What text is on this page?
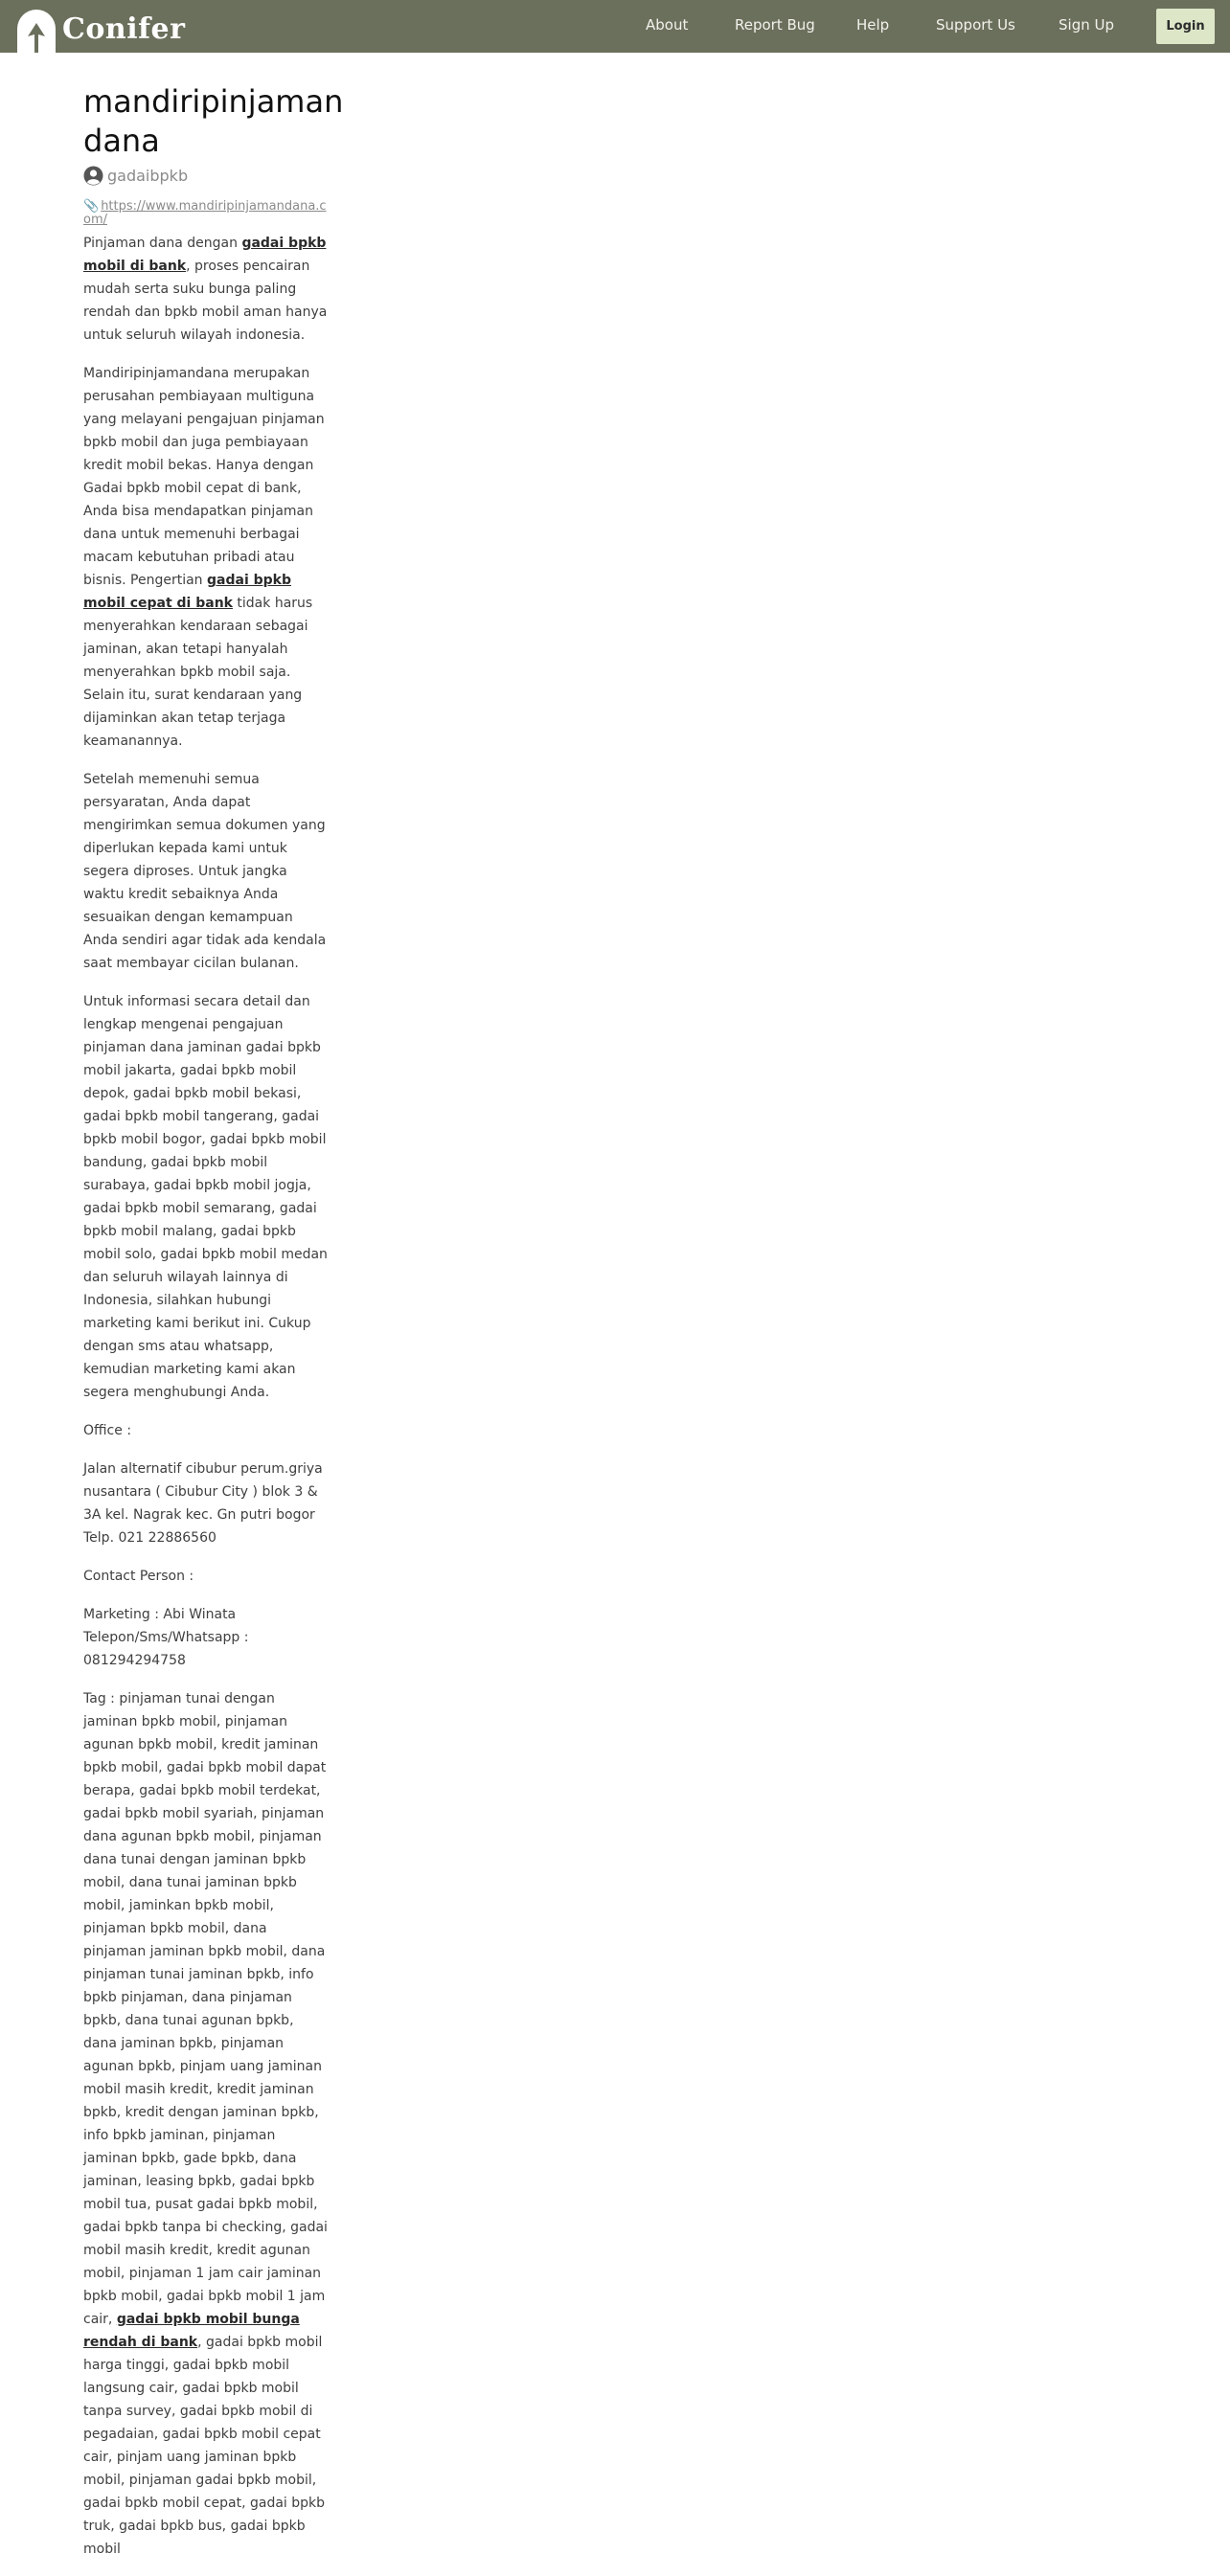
Conifer	About	Report Bug	Help	Support Us	Sign Up	Login
mandiripinjaman dana
gadaibpkb
📎 https://www.mandiripinjamandana.com/

Pinjaman dana dengan gadai bpkb mobil di bank, proses pencairan mudah serta suku bunga paling rendah dan bpkb mobil aman hanya untuk seluruh wilayah indonesia.

Mandiripinjamandana merupakan perusahan pembiayaan multiguna yang melayani pengajuan pinjaman bpkb mobil dan juga pembiayaan kredit mobil bekas. Hanya dengan Gadai bpkb mobil cepat di bank, Anda bisa mendapatkan pinjaman dana untuk memenuhi berbagai macam kebutuhan pribadi atau bisnis. Pengertian gadai bpkb mobil cepat di bank tidak harus menyerahkan kendaraan sebagai jaminan, akan tetapi hanyalah menyerahkan bpkb mobil saja. Selain itu, surat kendaraan yang dijaminkan akan tetap terjaga keamanannya.

Setelah memenuhi semua persyaratan, Anda dapat mengirimkan semua dokumen yang diperlukan kepada kami untuk segera diproses. Untuk jangka waktu kredit sebaiknya Anda sesuaikan dengan kemampuan Anda sendiri agar tidak ada kendala saat membayar cicilan bulanan.

Untuk informasi secara detail dan lengkap mengenai pengajuan pinjaman dana jaminan gadai bpkb mobil jakarta, gadai bpkb mobil depok, gadai bpkb mobil bekasi, gadai bpkb mobil tangerang, gadai bpkb mobil bogor, gadai bpkb mobil bandung, gadai bpkb mobil surabaya, gadai bpkb mobil jogja, gadai bpkb mobil semarang, gadai bpkb mobil malang, gadai bpkb mobil solo, gadai bpkb mobil medan dan seluruh wilayah lainnya di Indonesia, silahkan hubungi marketing kami berikut ini. Cukup dengan sms atau whatsapp, kemudian marketing kami akan segera menghubungi Anda.

Office :

Jalan alternatif cibubur perum.griya nusantara ( Cibubur City ) blok 3 & 3A kel. Nagrak kec. Gn putri bogor Telp. 021 22886560

Contact Person :

Marketing : Abi Winata Telepon/Sms/Whatsapp : 081294294758

Tag : pinjaman tunai dengan jaminan bpkb mobil, pinjaman agunan bpkb mobil, kredit jaminan bpkb mobil, gadai bpkb mobil dapat berapa, gadai bpkb mobil terdekat, gadai bpkb mobil syariah, pinjaman dana agunan bpkb mobil, pinjaman dana tunai dengan jaminan bpkb mobil, dana tunai jaminan bpkb mobil, jaminkan bpkb mobil, pinjaman bpkb mobil, dana pinjaman jaminan bpkb mobil, dana pinjaman tunai jaminan bpkb, info bpkb pinjaman, dana pinjaman bpkb, dana tunai agunan bpkb, dana jaminan bpkb, pinjaman agunan bpkb, pinjam uang jaminan mobil masih kredit, kredit jaminan bpkb, kredit dengan jaminan bpkb, info bpkb jaminan, pinjaman jaminan bpkb, gade bpkb, dana jaminan, leasing bpkb, gadai bpkb mobil tua, pusat gadai bpkb mobil, gadai bpkb tanpa bi checking, gadai mobil masih kredit, kredit agunan mobil, pinjaman 1 jam cair jaminan bpkb mobil, gadai bpkb mobil 1 jam cair, gadai bpkb mobil bunga rendah di bank, gadai bpkb mobil harga tinggi, gadai bpkb mobil langsung cair, gadai bpkb mobil tanpa survey, gadai bpkb mobil di pegadaian, gadai bpkb mobil cepat cair, pinjam uang jaminan bpkb mobil, pinjaman gadai bpkb mobil, gadai bpkb mobil cepat, gadai bpkb truk, gadai bpkb bus, gadai bpkb mobil
